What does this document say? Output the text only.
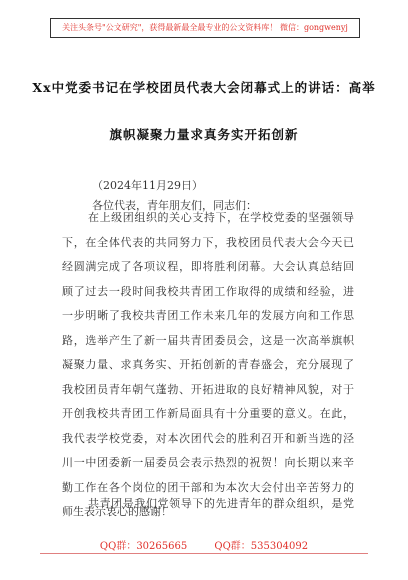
关注头条号"公文研究"，获得最新最全最专业的公文资料库！ 微信：gongwenyj
Xx中党委书记在学校团员代表大会闭幕式上的讲话：高举
旗帜凝聚力量求真务实开拓创新
（2024年11月29日）
各位代表，青年朋友们，同志们：
在上级团组织的关心支持下，在学校党委的坚强领导
下，在全体代表的共同努力下，我校团员代表大会今天已
经圆满完成了各项议程，即将胜利闭幕。大会认真总结回
顾了过去一段时间我校共青团工作取得的成绩和经验，进
一步明晰了我校共青团工作未来几年的发展方向和工作思
路，选举产生了新一届共青团委员会，这是一次高举旗帜
凝聚力量、求真务实、开拓创新的青春盛会，充分展现了
我校团员青年朝气蓬勃、开拓进取的良好精神风貌，对于
开创我校共青团工作新局面具有十分重要的意义。在此，
我代表学校党委，对本次团代会的胜利召开和新当选的泾
川一中团委新一届委员会表示热烈的祝贺！向长期以来辛
勤工作在各个岗位的团干部和为本次大会付出辛苦努力的
师生表示衷心的感谢！
共青团是我们党领导下的先进青年的群众组织，是党
QQ群：30265665	QQ群：535304092
